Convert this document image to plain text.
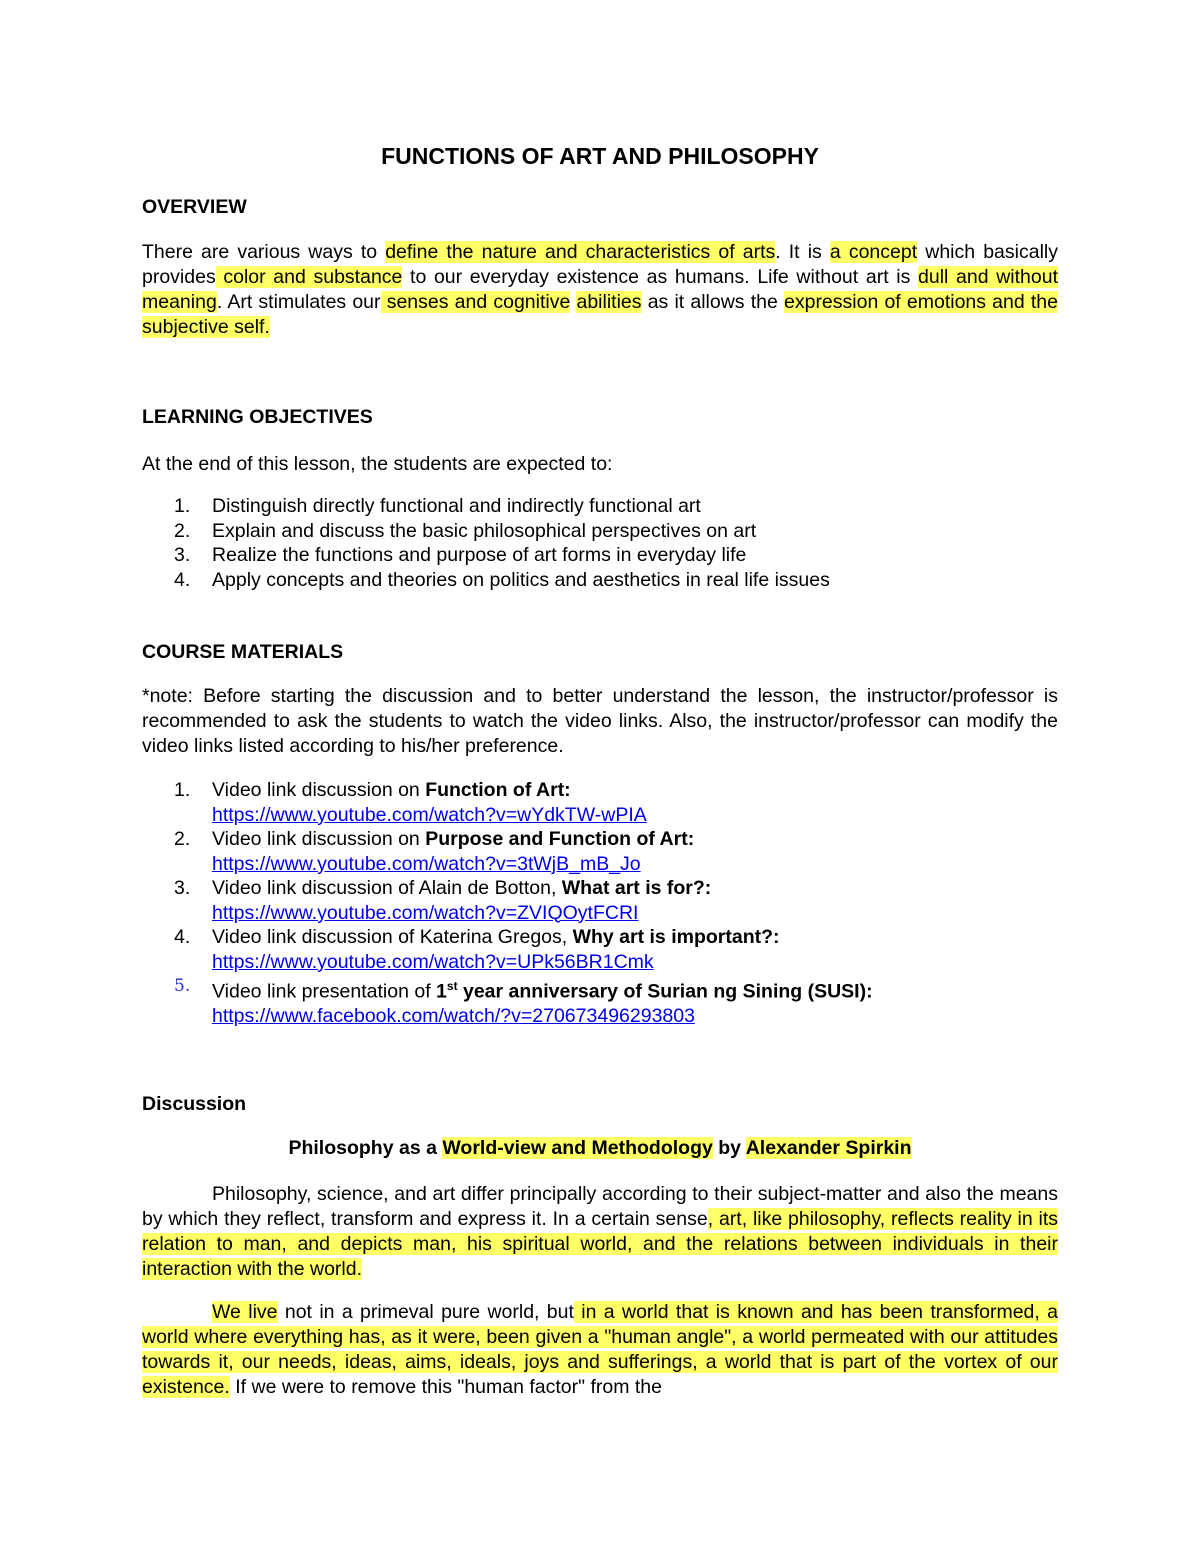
FUNCTIONS OF ART AND PHILOSOPHY
OVERVIEW
There are various ways to define the nature and characteristics of arts. It is a concept which basically provides color and substance to our everyday existence as humans. Life without art is dull and without meaning. Art stimulates our senses and cognitive abilities as it allows the expression of emotions and the subjective self.
LEARNING OBJECTIVES
At the end of this lesson, the students are expected to:
1. Distinguish directly functional and indirectly functional art
2. Explain and discuss the basic philosophical perspectives on art
3. Realize the functions and purpose of art forms in everyday life
4. Apply concepts and theories on politics and aesthetics in real life issues
COURSE MATERIALS
*note: Before starting the discussion and to better understand the lesson, the instructor/professor is recommended to ask the students to watch the video links. Also, the instructor/professor can modify the video links listed according to his/her preference.
1. Video link discussion on Function of Art:
https://www.youtube.com/watch?v=wYdkTW-wPIA
2. Video link discussion on Purpose and Function of Art:
https://www.youtube.com/watch?v=3tWjB_mB_Jo
3. Video link discussion of Alain de Botton, What art is for?:
https://www.youtube.com/watch?v=ZVIQOytFCRI
4. Video link discussion of Katerina Gregos, Why art is important?:
https://www.youtube.com/watch?v=UPk56BR1Cmk
5. Video link presentation of 1st year anniversary of Surian ng Sining (SUSI):
https://www.facebook.com/watch/?v=270673496293803
Discussion
Philosophy as a World-view and Methodology by Alexander Spirkin
Philosophy, science, and art differ principally according to their subject-matter and also the means by which they reflect, transform and express it. In a certain sense, art, like philosophy, reflects reality in its relation to man, and depicts man, his spiritual world, and the relations between individuals in their interaction with the world.
We live not in a primeval pure world, but in a world that is known and has been transformed, a world where everything has, as it were, been given a "human angle", a world permeated with our attitudes towards it, our needs, ideas, aims, ideals, joys and sufferings, a world that is part of the vortex of our existence. If we were to remove this "human factor" from the
